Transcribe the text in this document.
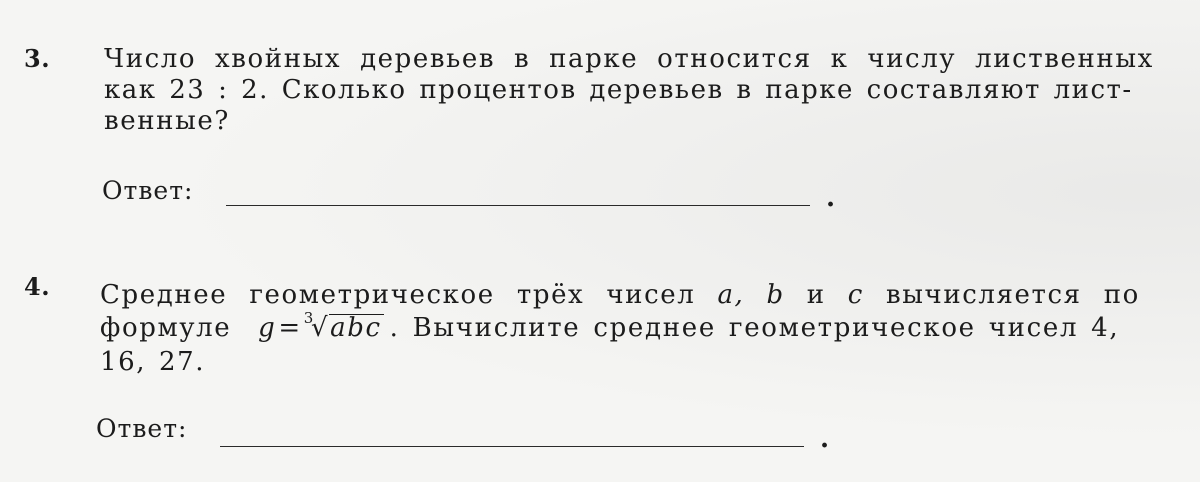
3. Число хвойных деревьев в парке относится к числу лиственных
как 23 : 2. Сколько процентов деревьев в парке составляют лист-
венные?
Ответ:	.
4. Среднее геометрическое трёх чисел a, b и c вычисляется по
формуле g= $^3$√abc . Вычислите среднее геометрическое чисел 4,
16, 27.
Ответ:	.
